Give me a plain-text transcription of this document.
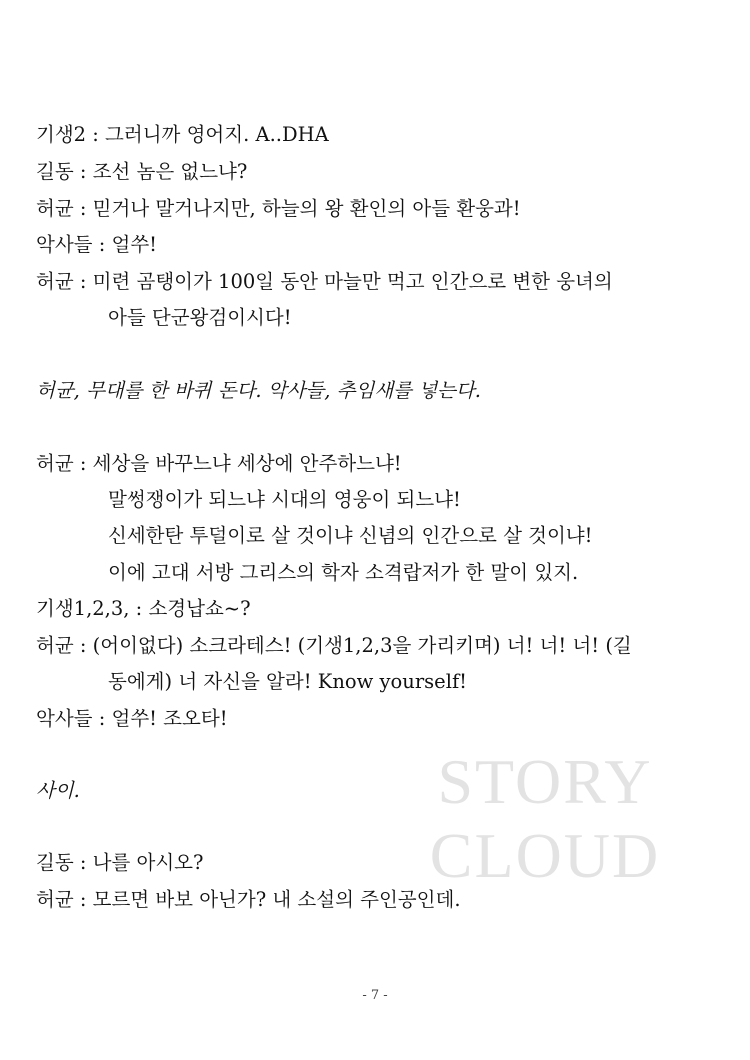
STORY
CLOUD
기생2 : 그러니까 영어지. A..DHA
길동 : 조선 놈은 없느냐?
허균 : 믿거나 말거나지만, 하늘의 왕 환인의 아들 환웅과!
악사들 : 얼쑤!
허균 : 미련 곰탱이가 100일 동안 마늘만 먹고 인간으로 변한 웅녀의
아들 단군왕검이시다!
허균, 무대를 한 바퀴 돈다. 악사들, 추임새를 넣는다.
허균 : 세상을 바꾸느냐 세상에 안주하느냐!
말썽쟁이가 되느냐 시대의 영웅이 되느냐!
신세한탄 투덜이로 살 것이냐 신념의 인간으로 살 것이냐!
이에 고대 서방 그리스의 학자 소격랍저가 한 말이 있지.
기생1,2,3, : 소경납쇼~?
허균 : (어이없다) 소크라테스! (기생1,2,3을 가리키며) 너! 너! 너! (길
동에게) 너 자신을 알라! Know yourself!
악사들 : 얼쑤! 조오타!
사이.
길동 : 나를 아시오?
허균 : 모르면 바보 아닌가? 내 소설의 주인공인데.
- 7 -
